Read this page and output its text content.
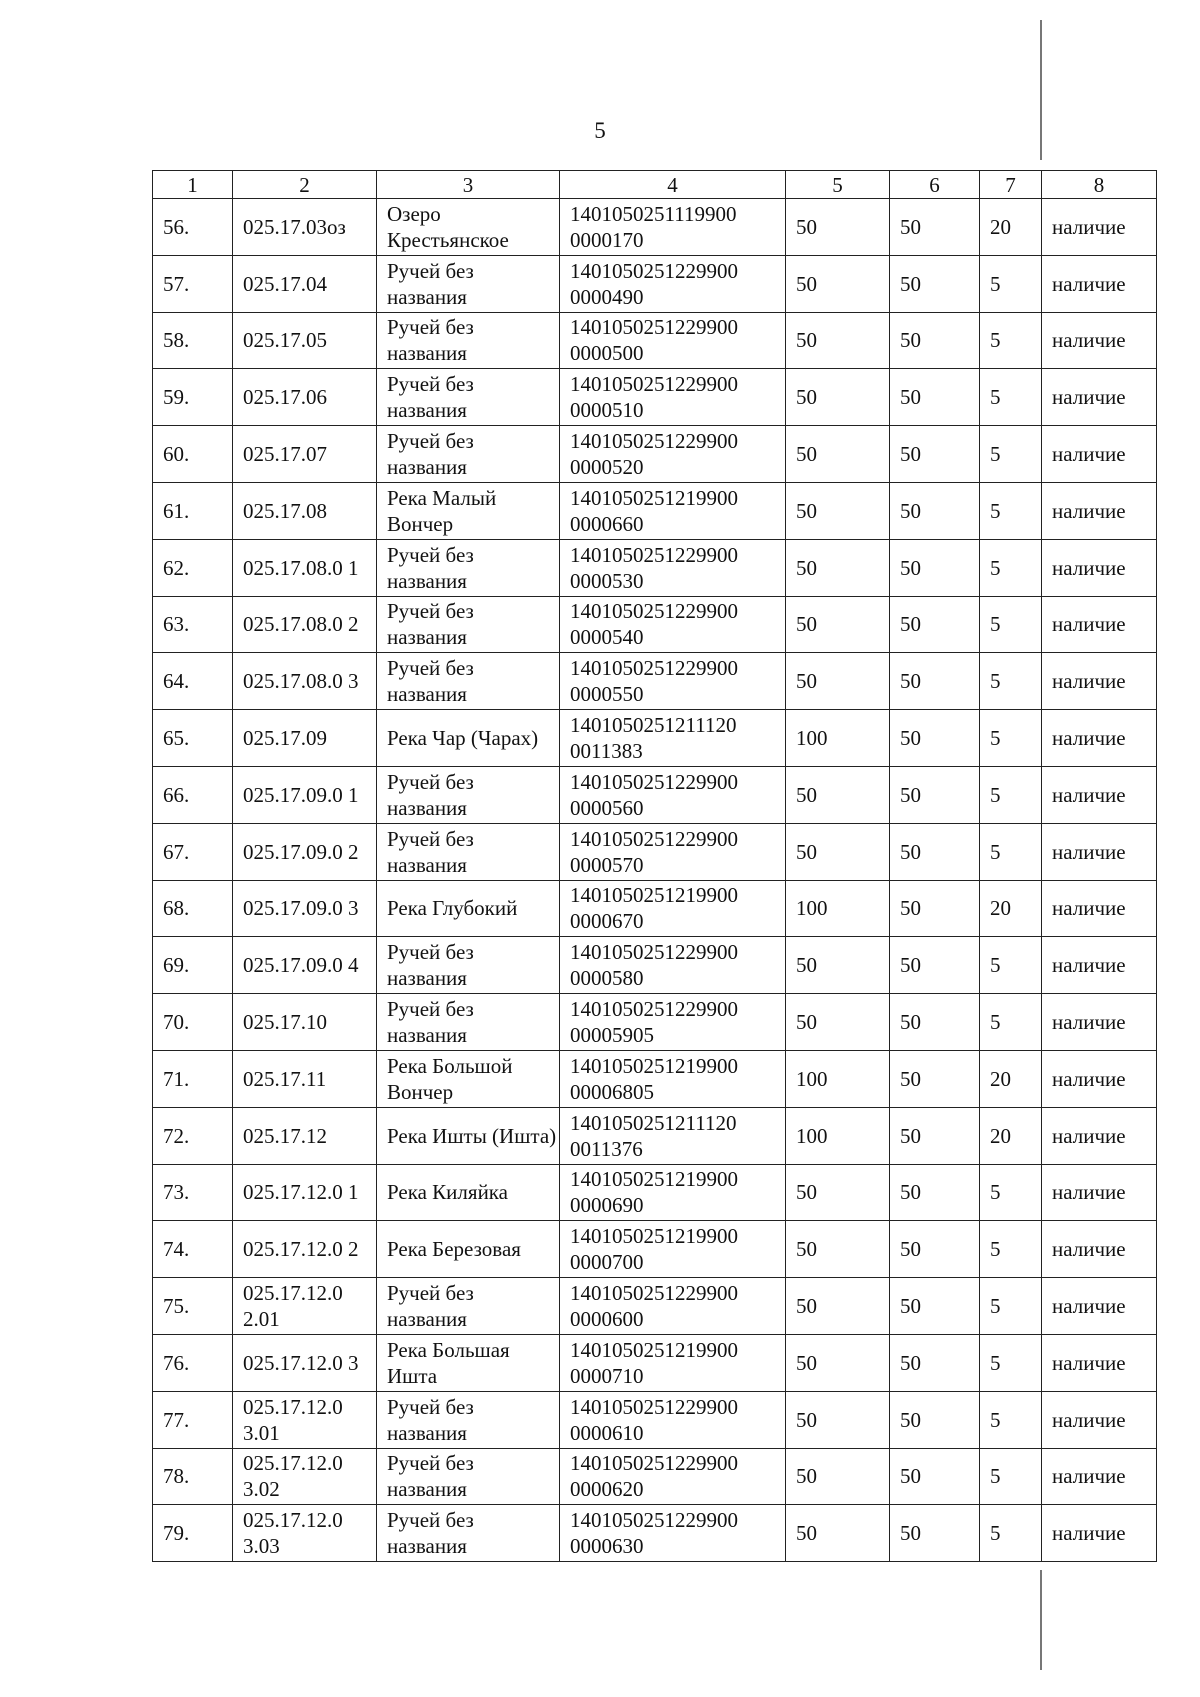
5
1	2	3	4	5	6	7	8
56.	025.17.03оз	Озеро Крестьянское	1401050251119900 0000170	50	50	20	наличие
57.	025.17.04	Ручей без названия	1401050251229900 0000490	50	50	5	наличие
58.	025.17.05	Ручей без названия	1401050251229900 0000500	50	50	5	наличие
59.	025.17.06	Ручей без названия	1401050251229900 0000510	50	50	5	наличие
60.	025.17.07	Ручей без названия	1401050251229900 0000520	50	50	5	наличие
61.	025.17.08	Река Малый Вончер	1401050251219900 0000660	50	50	5	наличие
62.	025.17.08.0 1	Ручей без названия	1401050251229900 0000530	50	50	5	наличие
63.	025.17.08.0 2	Ручей без названия	1401050251229900 0000540	50	50	5	наличие
64.	025.17.08.0 3	Ручей без названия	1401050251229900 0000550	50	50	5	наличие
65.	025.17.09	Река Чар (Чарах)	1401050251211120 0011383	100	50	5	наличие
66.	025.17.09.0 1	Ручей без названия	1401050251229900 0000560	50	50	5	наличие
67.	025.17.09.0 2	Ручей без названия	1401050251229900 0000570	50	50	5	наличие
68.	025.17.09.0 3	Река Глубокий	1401050251219900 0000670	100	50	20	наличие
69.	025.17.09.0 4	Ручей без названия	1401050251229900 0000580	50	50	5	наличие
70.	025.17.10	Ручей без названия	1401050251229900 00005905	50	50	5	наличие
71.	025.17.11	Река Большой Вончер	1401050251219900 00006805	100	50	20	наличие
72.	025.17.12	Река Ишты (Ишта)	1401050251211120 0011376	100	50	20	наличие
73.	025.17.12.0 1	Река Киляйка	1401050251219900 0000690	50	50	5	наличие
74.	025.17.12.0 2	Река Березовая	1401050251219900 0000700	50	50	5	наличие
75.	025.17.12.0 2.01	Ручей без названия	1401050251229900 0000600	50	50	5	наличие
76.	025.17.12.0 3	Река Большая Ишта	1401050251219900 0000710	50	50	5	наличие
77.	025.17.12.0 3.01	Ручей без названия	1401050251229900 0000610	50	50	5	наличие
78.	025.17.12.0 3.02	Ручей без названия	1401050251229900 0000620	50	50	5	наличие
79.	025.17.12.0 3.03	Ручей без названия	1401050251229900 0000630	50	50	5	наличие
